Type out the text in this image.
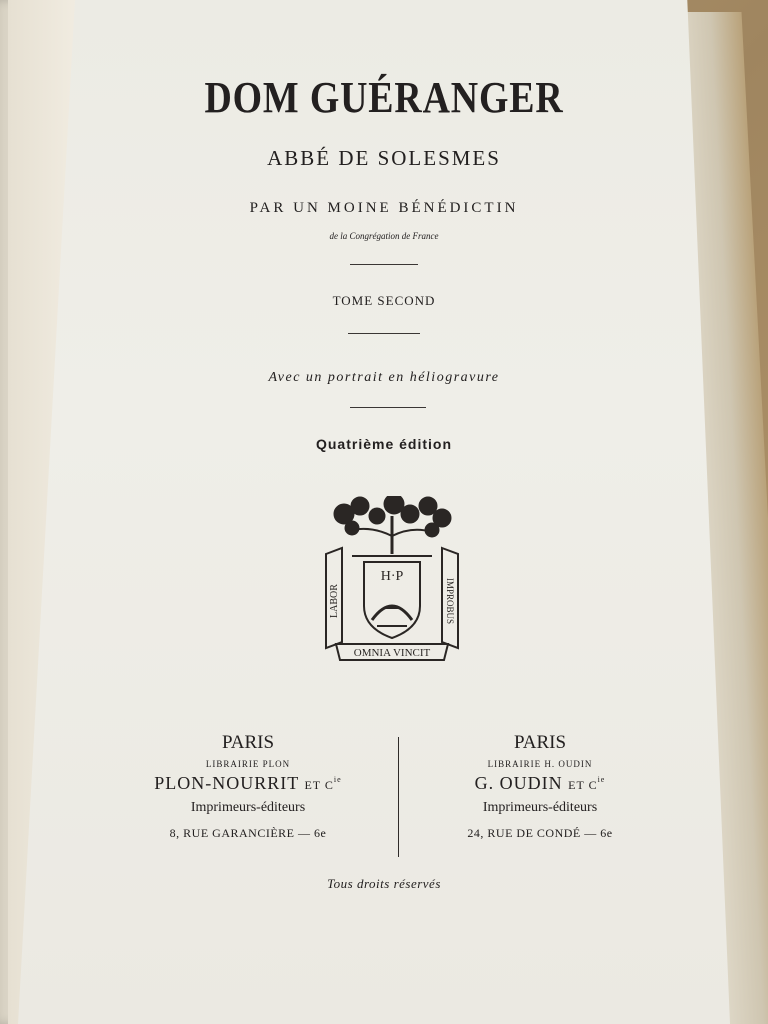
DOM GUÉRANGER

ABBÉ DE SOLESMES

PAR UN MOINE BÉNÉDICTIN

de la Congrégation de France

TOME SECOND

Avec un portrait en héliogravure

Quatrième édition

H·P
LABOR	IMPROBUS
OMNIA VINCIT
PARIS
LIBRAIRIE PLON
PLON-NOURRIT ET $C^{ie}$
Imprimeurs-éditeurs
8, RUE GARANCIÈRE — 6e
PARIS
LIBRAIRIE H. OUDIN
G. OUDIN ET $C^{ie}$
Imprimeurs-éditeurs
24, RUE DE CONDÉ — 6e

Tous droits réservés
